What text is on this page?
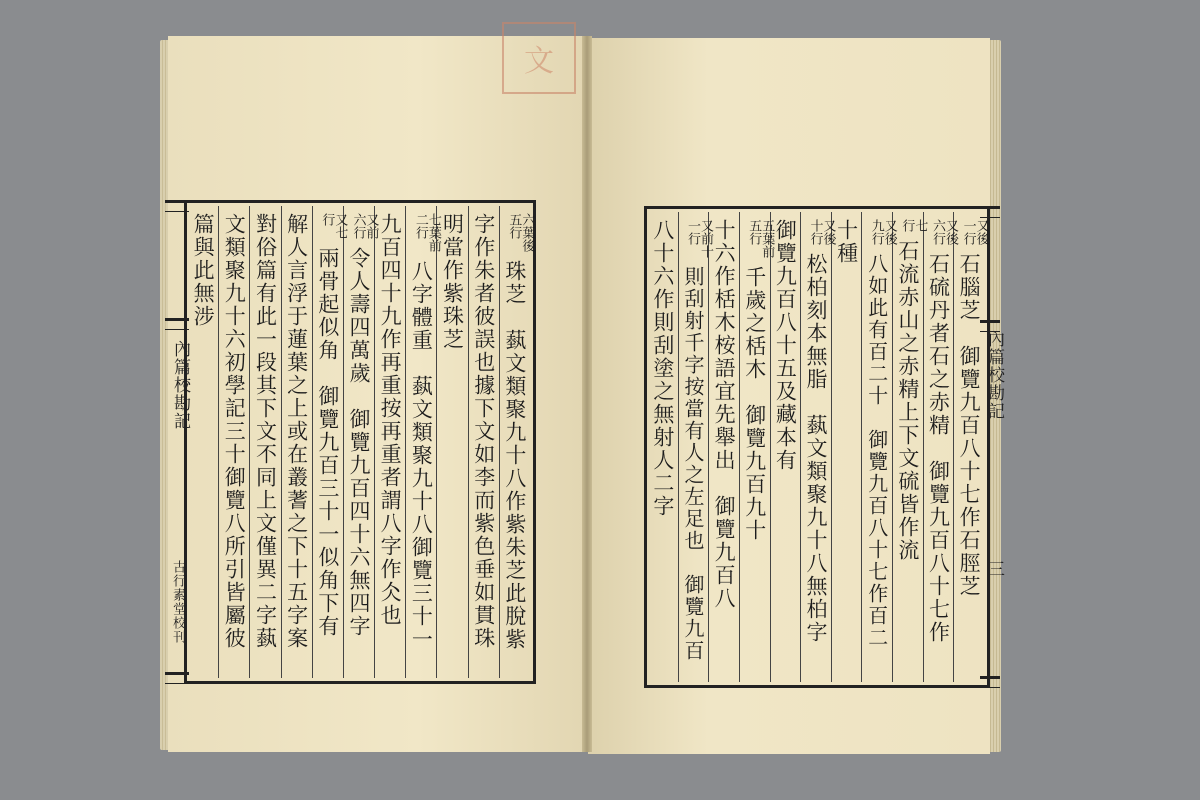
文
內篇校勘記
古行素堂校刊
六葉後五行
珠芝　蓺文類聚九十八作紫朱芝此脫紫
字作朱者彼誤也據下文如李而紫色垂如貫珠
明當作紫珠芝
七葉前二行
八字體重　蓺文類聚九十八御覽三十一
九百四十九作再重按再重者謂八字作仌也
又前六行
令人壽四萬歲　御覽九百四十六無四字
又七行
兩骨起似角　御覽九百三十一似角下有
解人言浮于蓮葉之上或在叢蓍之下十五字案
對俗篇有此一段其下文不同上文僅異二字蓺
文類聚九十六初學記三十御覽八所引皆屬彼
篇與此無涉
內篇校勘記
三
又後一行
石腦芝　御覽九百八十七作石脛芝
又後六行
石硫丹者石之赤精　御覽九百八十七作
七行
石流赤山之赤精上下文硫皆作流
又後九行
八如此有百二十　御覽九百八十七作百二
十種
又後十行
松柏刻本無脂　蓺文類聚九十八無柏字
御覽九百八十五及藏本有
五葉前五行
千歲之栝木　御覽九百九十
十六作栝木桉語宜先舉出　御覽九百八
又前十一行
則刮射千字按當有人之左足也　御覽九百
八十六作則刮塗之無射人二字
